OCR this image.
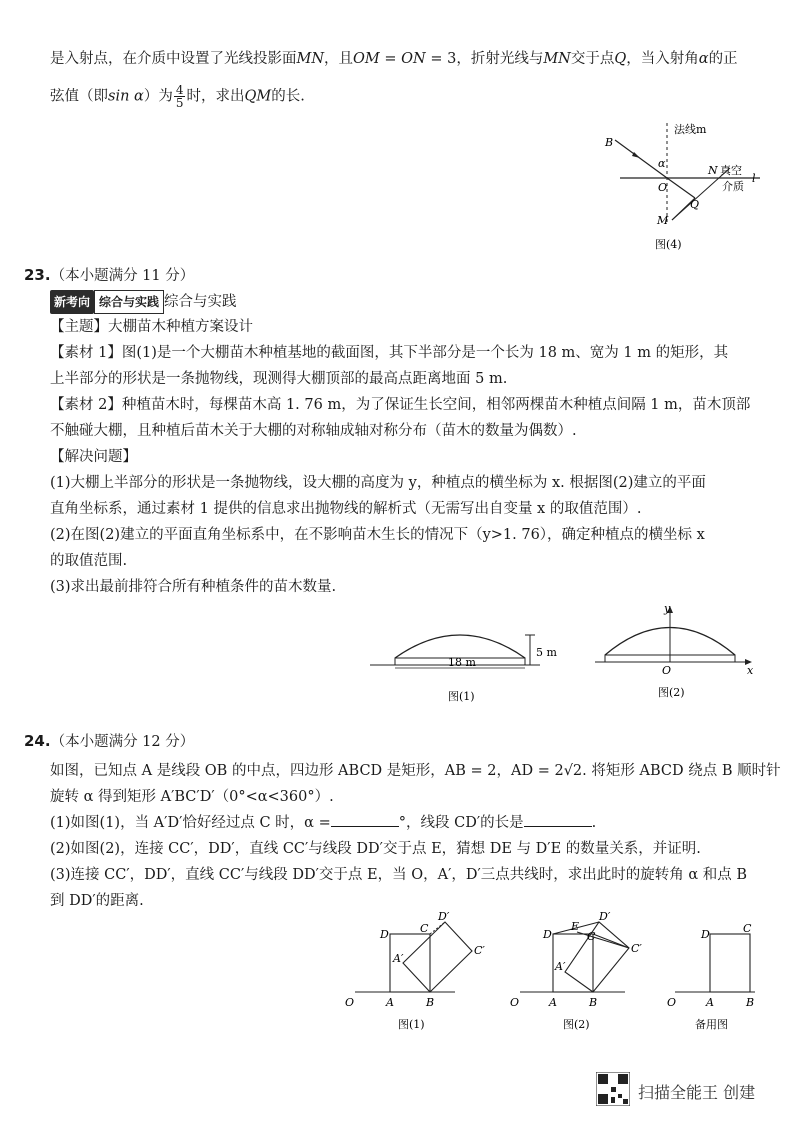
是入射点，在介质中设置了光线投影面MN，且OM = ON = 3，折射光线与MN交于点Q，当入射角α的正
弦值（即sin α）为 $\frac{4}{5}$ 时，求出QM的长.
法线m
B
α
O
N 真空
介质
l
M
Q
图(4)
23.（本小题满分 11 分）
新考向 综合与实践 综合与实践
【主题】大棚苗木种植方案设计
【素材 1】图(1)是一个大棚苗木种植基地的截面图，其下半部分是一个长为 18 m、宽为 1 m 的矩形，其
上半部分的形状是一条抛物线，现测得大棚顶部的最高点距离地面 5 m.
【素材 2】种植苗木时，每棵苗木高 1. 76 m，为了保证生长空间，相邻两棵苗木种植点间隔 1 m，苗木顶部
不触碰大棚，且种植后苗木关于大棚的对称轴成轴对称分布（苗木的数量为偶数）.
【解决问题】
(1)大棚上半部分的形状是一条抛物线，设大棚的高度为 y，种植点的横坐标为 x. 根据图(2)建立的平面
直角坐标系，通过素材 1 提供的信息求出抛物线的解析式（无需写出自变量 x 的取值范围）.
(2)在图(2)建立的平面直角坐标系中，在不影响苗木生长的情况下（y>1. 76），确定种植点的横坐标 x
的取值范围.
(3)求出最前排符合所有种植条件的苗木数量.
18 m
5 m
图(1)
y
x
O
图(2)
24.（本小题满分 12 分）
如图，已知点 A 是线段 OB 的中点，四边形 ABCD 是矩形，AB = 2，AD = 2√2. 将矩形 ABCD 绕点 B 顺时针
旋转 α 得到矩形 A′BC′D′（0°<α<360°）.
(1)如图(1)，当 A′D′恰好经过点 C 时，α =	°，线段 CD′的长是	.
(2)如图(2)，连接 CC′，DD′，直线 CC′与线段 DD′交于点 E，猜想 DE 与 D′E 的数量关系，并证明.
(3)连接 CC′，DD′，直线 CC′与线段 DD′交于点 E，当 O，A′，D′三点共线时，求出此时的旋转角 α 和点 B
到 DD′的距离.
O	A	B
D	C
D′
A′
C′
图(1)
O	A	B
D
E
C
D′
A′
C′
图(2)
O	A	B
D	C
备用图
扫描全能王 创建
